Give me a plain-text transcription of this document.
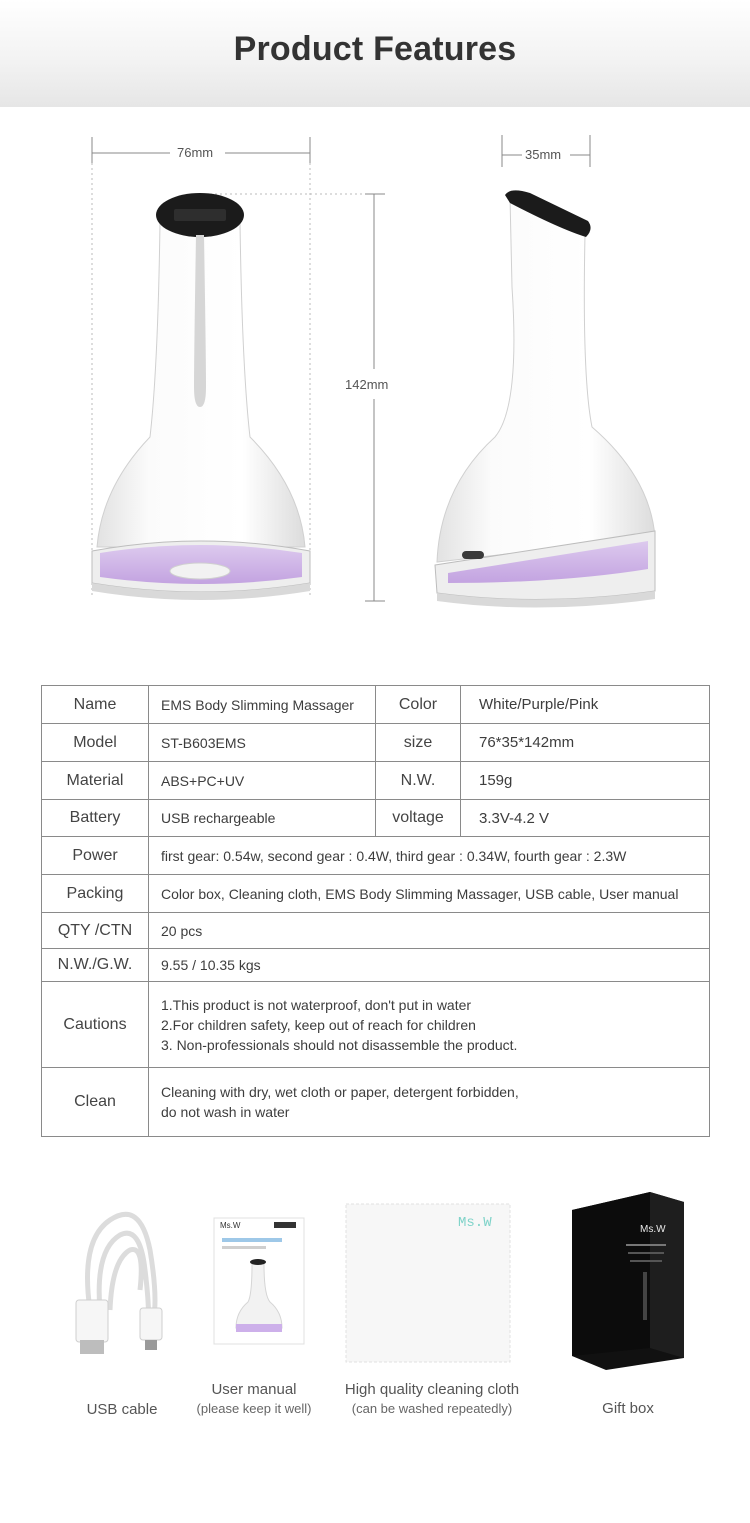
Product Features
76mm	35mm
142mm
Name	EMS Body Slimming Massager	Color	White/Purple/Pink
Model	ST-B603EMS	size	76*35*142mm
Material	ABS+PC+UV	N.W.	159g
Battery	USB rechargeable	voltage	3.3V-4.2 V
Power	first gear: 0.54w, second gear : 0.4W, third gear : 0.34W, fourth gear : 2.3W		
Packing	Color box, Cleaning cloth, EMS Body Slimming Massager, USB cable, User manual		
QTY /CTN	20 pcs		
N.W./G.W.	9.55 / 10.35 kgs		
Cautions	1.This product is not waterproof, don't put in water
2.For children safety, keep out of reach for children
3. Non-professionals should not disassemble the product.		

Clean	Cleaning with dry, wet cloth or paper, detergent forbidden,
do not wash in water		
Ms.W	Ms.W	Ms.W
USB cable
User manual
(please keep it well)
High quality cleaning cloth
(can be washed repeatedly)	Gift box
